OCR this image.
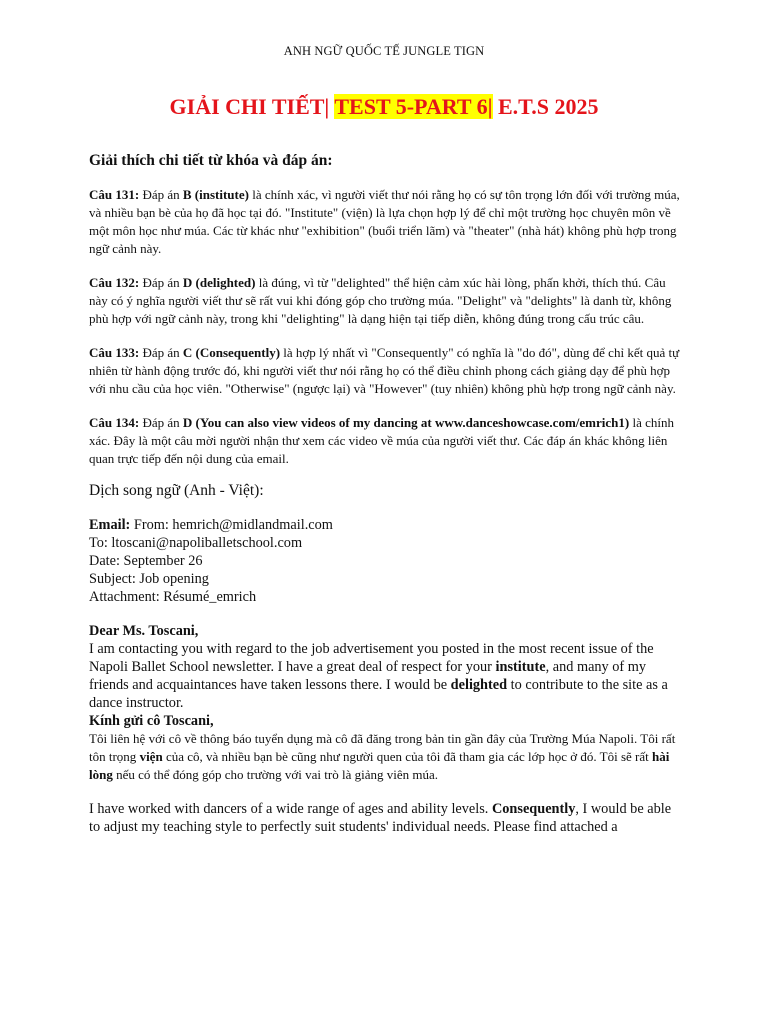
ANH NGỮ QUỐC TẾ JUNGLE TIGN
GIẢI CHI TIẾT| TEST 5-PART 6| E.T.S 2025
Giải thích chi tiết từ khóa và đáp án:

Câu 131: Đáp án B (institute) là chính xác, vì người viết thư nói rằng họ có sự tôn trọng lớn đối với trường múa, và nhiều bạn bè của họ đã học tại đó. "Institute" (viện) là lựa chọn hợp lý để chỉ một trường học chuyên môn về một môn học như múa. Các từ khác như "exhibition" (buổi triển lãm) và "theater" (nhà hát) không phù hợp trong ngữ cảnh này.

Câu 132: Đáp án D (delighted) là đúng, vì từ "delighted" thể hiện cảm xúc hài lòng, phấn khởi, thích thú. Câu này có ý nghĩa người viết thư sẽ rất vui khi đóng góp cho trường múa. "Delight" và "delights" là danh từ, không phù hợp với ngữ cảnh này, trong khi "delighting" là dạng hiện tại tiếp diễn, không đúng trong cấu trúc câu.

Câu 133: Đáp án C (Consequently) là hợp lý nhất vì "Consequently" có nghĩa là "do đó", dùng để chỉ kết quả tự nhiên từ hành động trước đó, khi người viết thư nói rằng họ có thể điều chỉnh phong cách giảng dạy để phù hợp với nhu cầu của học viên. "Otherwise" (ngược lại) và "However" (tuy nhiên) không phù hợp trong ngữ cảnh này.

Câu 134: Đáp án D (You can also view videos of my dancing at www.danceshowcase.com/emrich1) là chính xác. Đây là một câu mời người nhận thư xem các video về múa của người viết thư. Các đáp án khác không liên quan trực tiếp đến nội dung của email.

Dịch song ngữ (Anh - Việt):
Email: From: hemrich@midlandmail.com
To: ltoscani@napoliballetschool.com
Date: September 26
Subject: Job opening
Attachment: Résumé_emrich
Dear Ms. Toscani,

I am contacting you with regard to the job advertisement you posted in the most recent issue of the Napoli Ballet School newsletter. I have a great deal of respect for your institute, and many of my friends and acquaintances have taken lessons there. I would be delighted to contribute to the site as a dance instructor.

Kính gửi cô Toscani,

Tôi liên hệ với cô về thông báo tuyển dụng mà cô đã đăng trong bản tin gần đây của Trường Múa Napoli. Tôi rất tôn trọng viện của cô, và nhiều bạn bè cũng như người quen của tôi đã tham gia các lớp học ở đó. Tôi sẽ rất hài lòng nếu có thể đóng góp cho trường với vai trò là giảng viên múa.

I have worked with dancers of a wide range of ages and ability levels. Consequently, I would be able to adjust my teaching style to perfectly suit students' individual needs. Please find attached a
